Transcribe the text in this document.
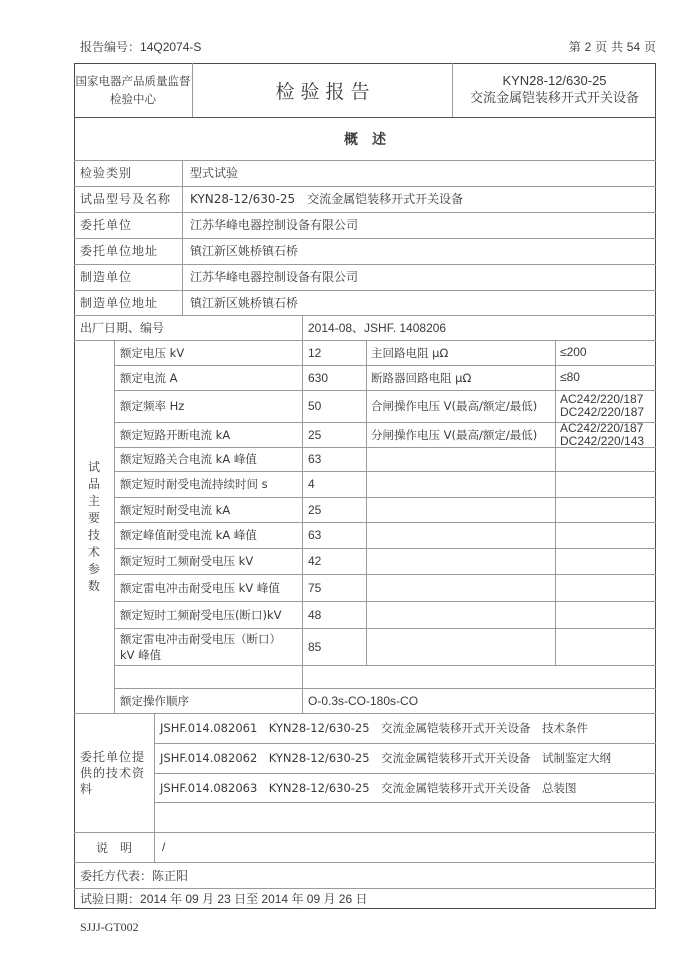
报告编号：14Q2074-S	第 2 页 共 54 页
国家电器产品质量监督
检验中心	检 验 报 告	KYN28-12/630-25
交流金属铠装移开式开关设备
概　述
检验类别	型式试验
试品型号及名称 KYN28-12/630-25　交流金属铠装移开式开关设备
委托单位	江苏华峰电器控制设备有限公司
委托单位地址	镇江新区姚桥镇石桥
制造单位	江苏华峰电器控制设备有限公司
制造单位地址	镇江新区姚桥镇石桥
出厂日期、编号	2014-08、JSHF. 1408206
试
品
主
要
技
术
参
数
额定电压 kV	12	主回路电阻 μΩ	≤200
额定电流 A	630	断路器回路电阻 μΩ	≤80
额定频率 Hz	50	合闸操作电压 V(最高/额定/最低) AC242/220/187
DC242/220/187
额定短路开断电流 kA	25	分闸操作电压 V(最高/额定/最低) AC242/220/187
DC242/220/143
额定短路关合电流 kA 峰值	63
额定短时耐受电流持续时间 s	4
额定短时耐受电流 kA	25
额定峰值耐受电流 kA 峰值	63
额定短时工频耐受电压 kV	42
额定雷电冲击耐受电压 kV 峰值 75
额定短时工频耐受电压(断口)kV 48
额定雷电冲击耐受电压（断口）
kV 峰值
85
额定操作顺序	O-0.3s-CO-180s-CO
委托单位提
供的技术资
料
JSHF.014.082061　KYN28-12/630-25　交流金属铠装移开式开关设备　技术条件
JSHF.014.082062　KYN28-12/630-25　交流金属铠装移开式开关设备　试制鉴定大纲
JSHF.014.082063　KYN28-12/630-25　交流金属铠装移开式开关设备　总装图
说　明	/
委托方代表： 陈正阳
试验日期： 2014 年 09 月 23 日至 2014 年 09 月 26 日
SJJJ-GT002
